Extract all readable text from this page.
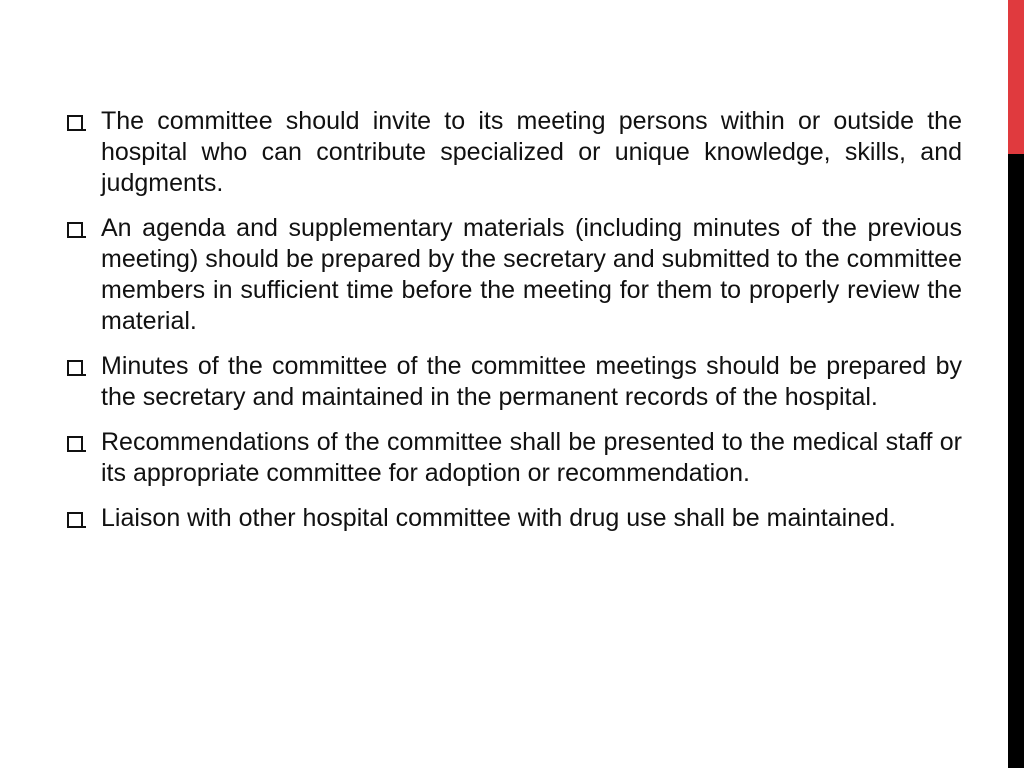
The committee should invite to its meeting persons within or outside the hospital who can contribute specialized or unique knowledge, skills, and judgments.
An agenda and supplementary materials (including minutes of the previous meeting) should be prepared by the secretary and submitted to the committee members in sufficient time before the meeting for them to properly review the material.
Minutes of the committee of the committee meetings should be prepared by the secretary and maintained in the permanent records of the hospital.
Recommendations of the committee shall be presented to the medical staff or its appropriate committee for adoption or recommendation.
Liaison with other hospital committee with drug use shall be maintained.
